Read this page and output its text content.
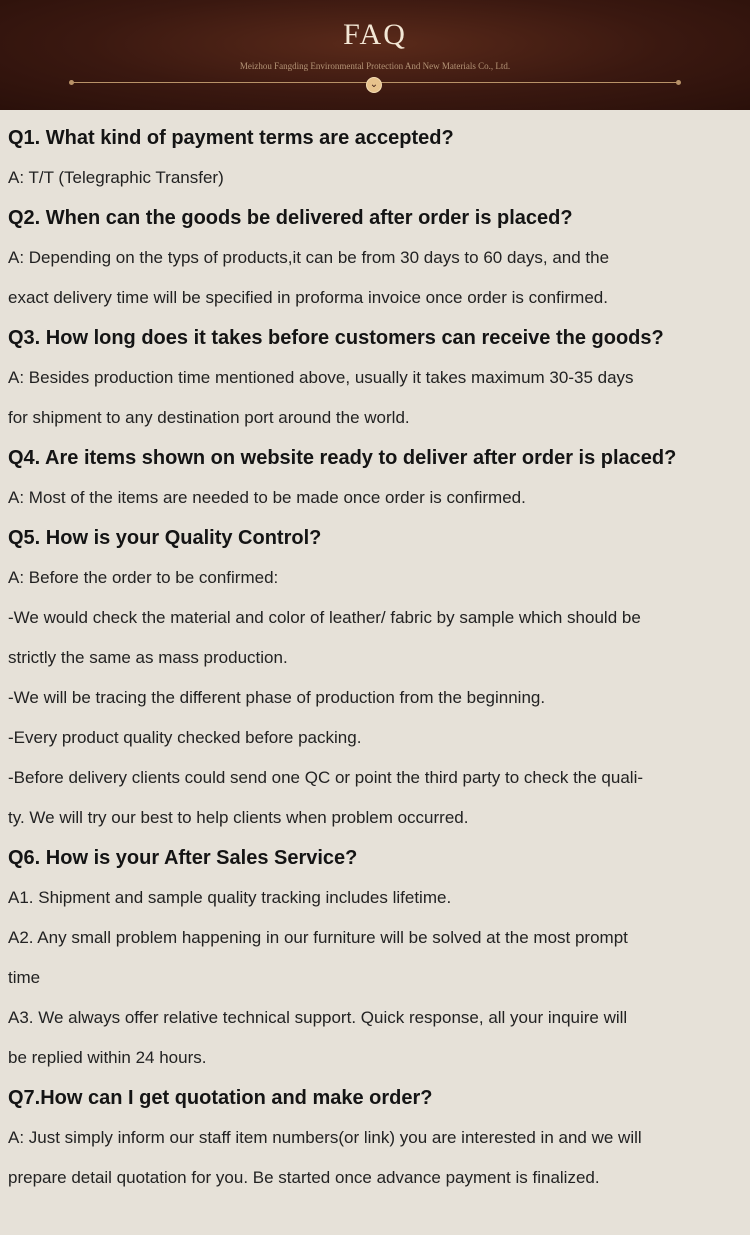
FAQ
Meizhou Fangding Environmental Protection And New Materials Co., Ltd.
⌄
Q1. What kind of payment terms are accepted?
A: T/T (Telegraphic Transfer)
Q2. When can the goods be delivered after order is placed?
A: Depending on the typs of products,it can be from 30 days to 60 days, and the
exact delivery time will be specified in proforma invoice once order is confirmed.
Q3. How long does it takes before customers can receive the goods?
A: Besides production time mentioned above, usually it takes maximum 30-35 days
for shipment to any destination port around the world.
Q4. Are items shown on website ready to deliver after order is placed?
A: Most of the items are needed to be made once order is confirmed.
Q5. How is your Quality Control?
A: Before the order to be confirmed:
-We would check the material and color of leather/ fabric by sample which should be
strictly the same as mass production.
-We will be tracing the different phase of production from the beginning.
-Every product quality checked before packing.
-Before delivery clients could send one QC or point the third party to check the quali-
ty. We will try our best to help clients when problem occurred.
Q6. How is your After Sales Service?
A1. Shipment and sample quality tracking includes lifetime.
A2. Any small problem happening in our furniture will be solved at the most prompt
time
A3. We always offer relative technical support. Quick response, all your inquire will
be replied within 24 hours.
Q7.How can I get quotation and make order?
A: Just simply inform our staff item numbers(or link) you are interested in and we will
prepare detail quotation for you. Be started once advance payment is finalized.
